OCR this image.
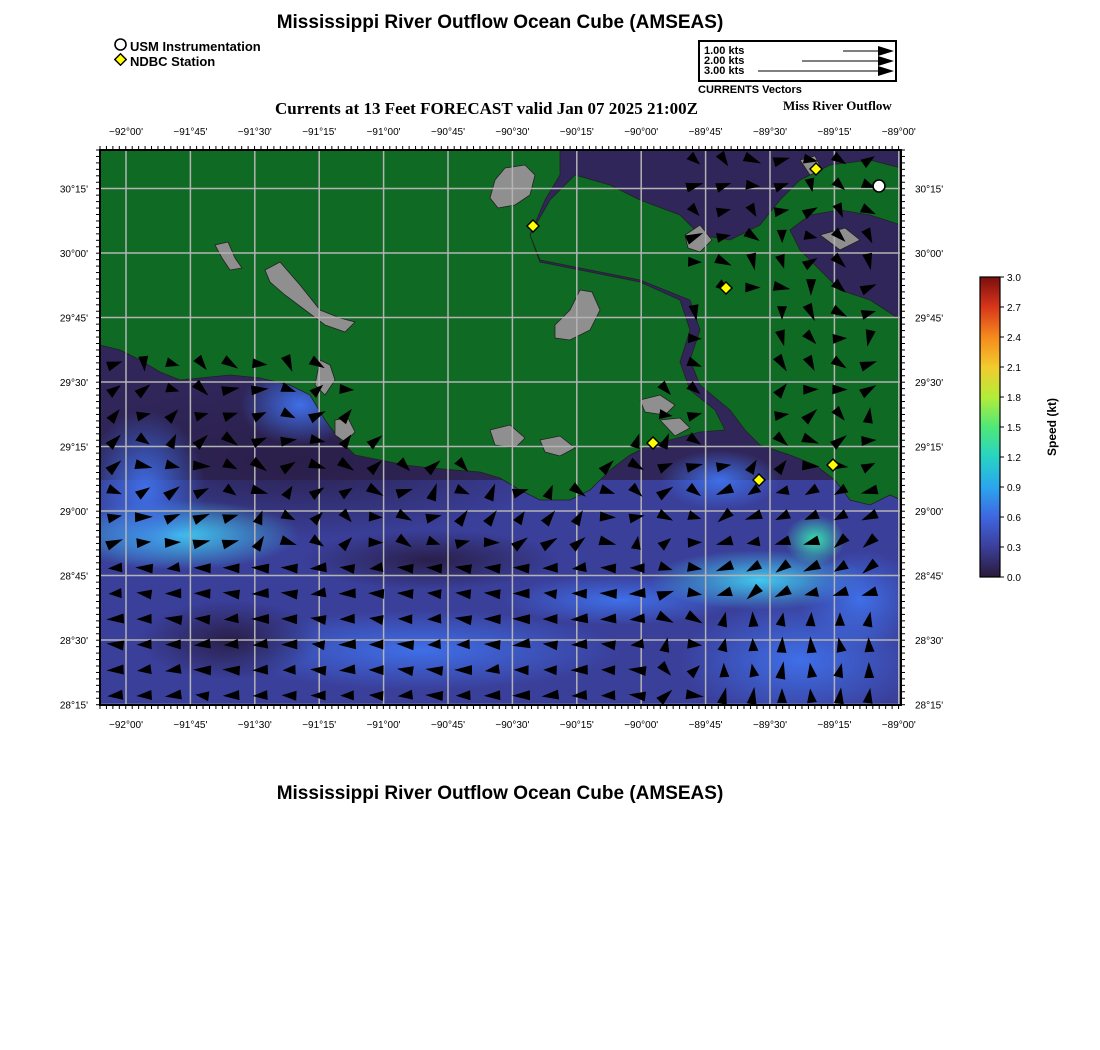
Mississippi River Outflow Ocean Cube (AMSEAS)
USM Instrumentation
NDBC Station
1.00 kts
2.00 kts
3.00 kts
CURRENTS Vectors
Currents at 13 Feet FORECAST valid Jan 07 2025 21:00Z	Miss River Outflow
−92°00'	−91°45'	−91°30'	−91°15'	−91°00'	−90°45'	−90°30'	−90°15'	−90°00'	−89°45'	−89°30'	−89°15'	−89°00'
−92°00'	−91°45'	−91°30'	−91°15'	−91°00'	−90°45'	−90°30'	−90°15'	−90°00'	−89°45'	−89°30'	−89°15'	−89°00'
30°15'
30°00'
29°45'
29°30'
29°15'
29°00'
28°45'
28°30'
28°15'
30°15'
30°00'
29°45'
29°30'
29°15'
29°00'
28°45'
28°30'
28°15'
3.0
2.7
2.4
2.1
1.8
1.5
1.2
0.9
0.6
0.3
0.0
Speed (kt)
Mississippi River Outflow Ocean Cube (AMSEAS)
